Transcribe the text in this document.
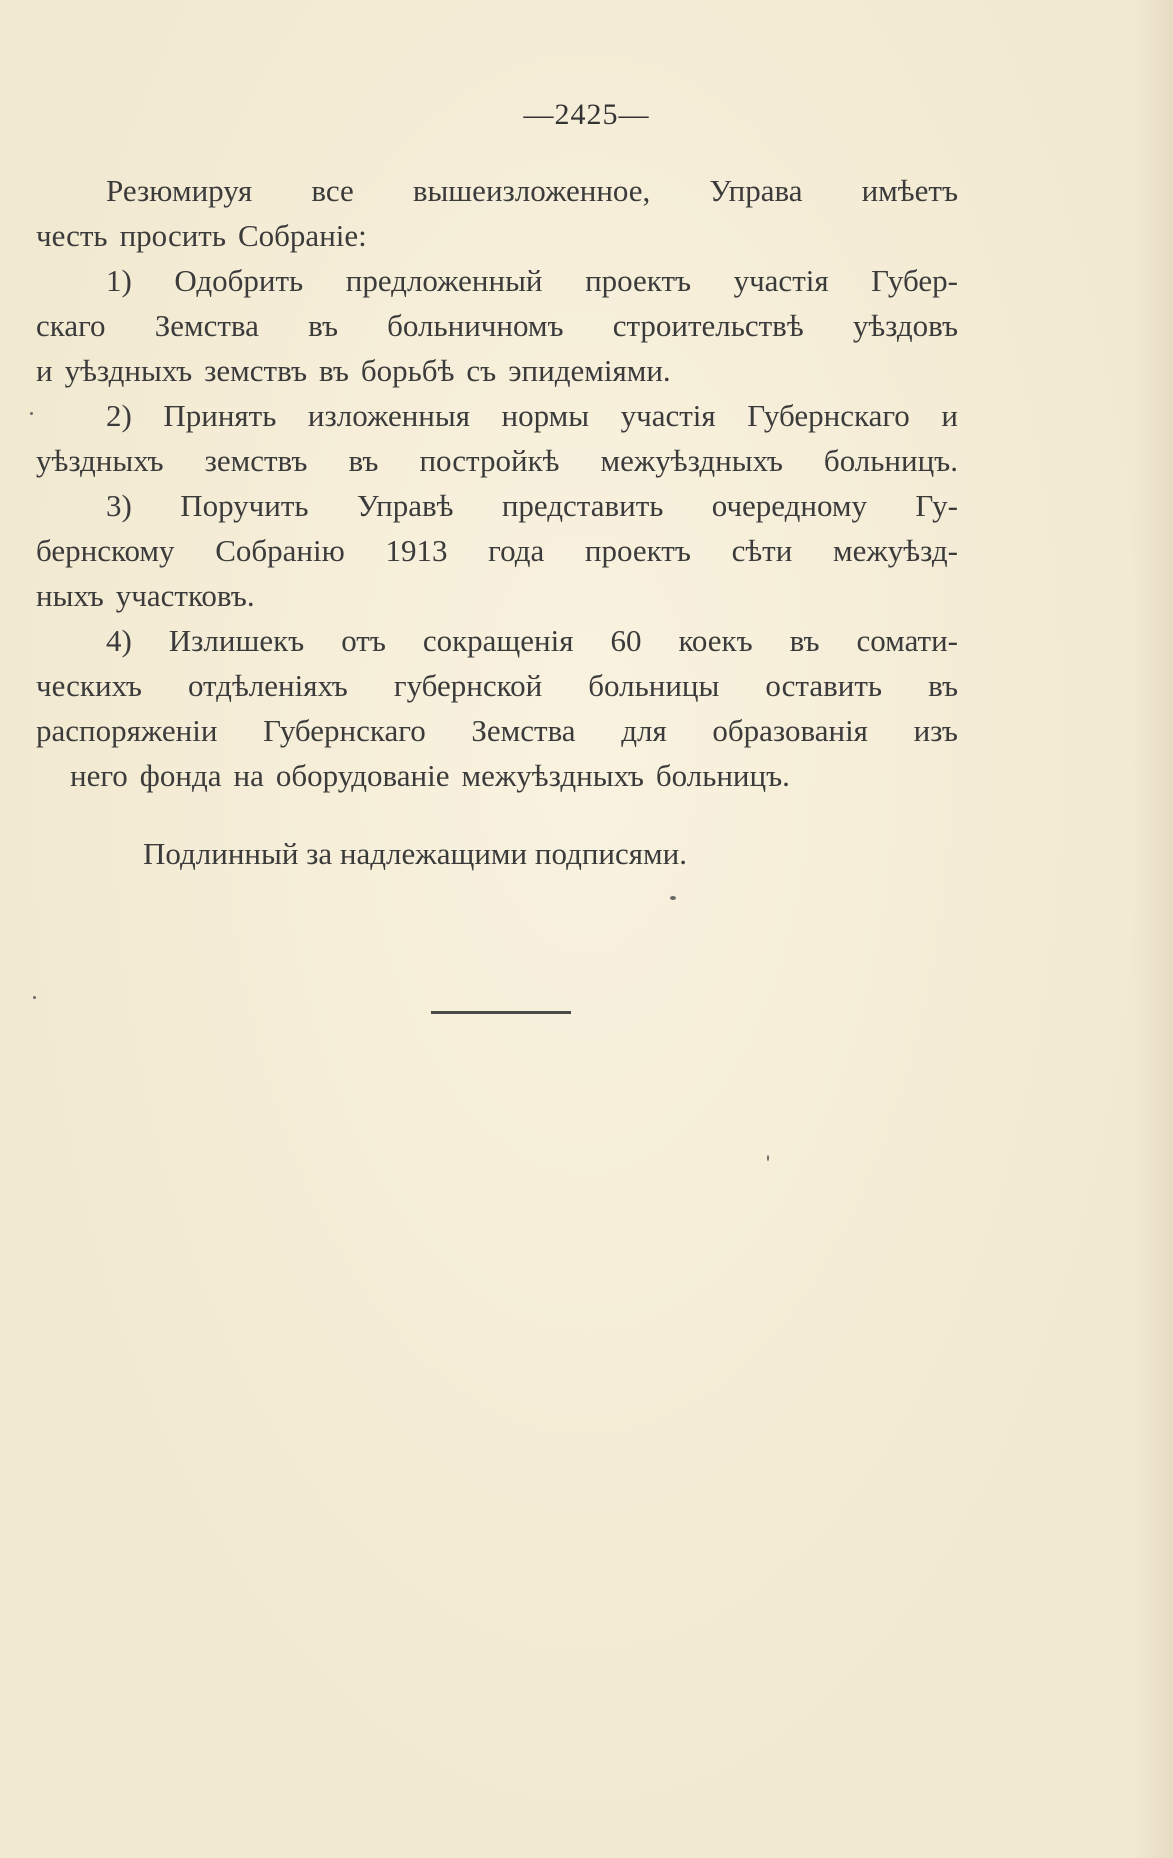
—2425—
Резюмируя все вышеизложенное, Управа имѣетъ
честь просить Собраніе:
1) Одобрить предложенный проектъ участія Губер-
скаго Земства въ больничномъ строительствѣ уѣздовъ
и уѣздныхъ земствъ въ борьбѣ съ эпидеміями.
2) Принять изложенныя нормы участія Губернскаго и
уѣздныхъ земствъ въ постройкѣ межуѣздныхъ больницъ.
3) Поручить Управѣ представить очередному Гу-
бернскому Собранію 1913 года проектъ сѣти межуѣзд-
ныхъ участковъ.
4) Излишекъ отъ сокращенія 60 коекъ въ сомати-
ческихъ отдѣленіяхъ губернской больницы оставить въ
распоряженіи Губернскаго Земства для образованія изъ
него фонда на оборудованіе межуѣздныхъ больницъ.
Подлинный за надлежащими подписями.
